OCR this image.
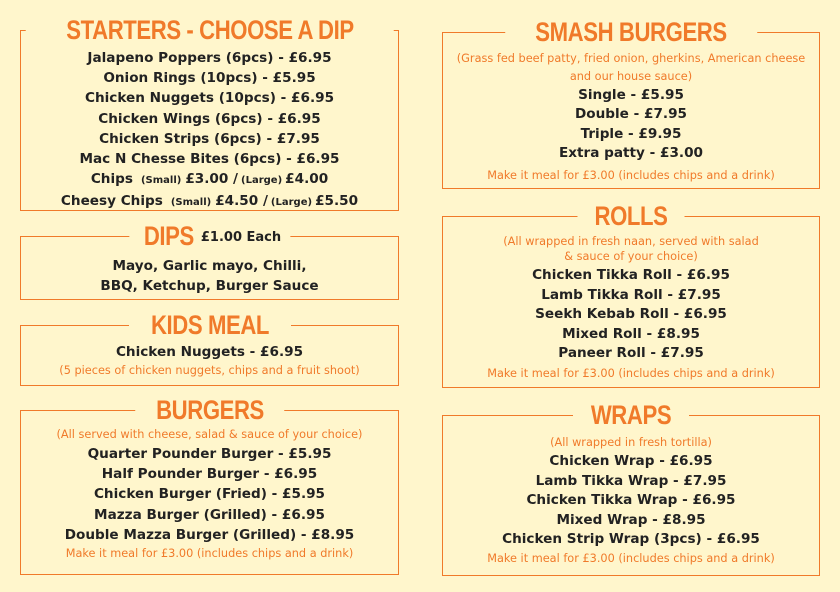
STARTERS - CHOOSE A DIP
Jalapeno Poppers (6pcs) - £6.95
Onion Rings (10pcs) - £5.95
Chicken Nuggets (10pcs) - £6.95
Chicken Wings (6pcs) - £6.95
Chicken Strips (6pcs) - £7.95
Mac N Chesse Bites (6pcs) - £6.95
Chips (Small) £3.00 / (Large) £4.00
Cheesy Chips (Small) £4.50 / (Large) £5.50
DIPS £1.00 Each
Mayo, Garlic mayo, Chilli,
BBQ, Ketchup, Burger Sauce
KIDS MEAL
Chicken Nuggets - £6.95
(5 pieces of chicken nuggets, chips and a fruit shoot)
BURGERS
(All served with cheese, salad & sauce of your choice)
Quarter Pounder Burger - £5.95
Half Pounder Burger - £6.95
Chicken Burger (Fried) - £5.95
Mazza Burger (Grilled) - £6.95
Double Mazza Burger (Grilled) - £8.95
Make it meal for £3.00 (includes chips and a drink)
SMASH BURGERS
(Grass fed beef patty, fried onion, gherkins, American cheese
and our house sauce)
Single - £5.95
Double - £7.95
Triple - £9.95
Extra patty - £3.00
Make it meal for £3.00 (includes chips and a drink)
ROLLS
(All wrapped in fresh naan, served with salad
& sauce of your choice)
Chicken Tikka Roll - £6.95
Lamb Tikka Roll - £7.95
Seekh Kebab Roll - £6.95
Mixed Roll - £8.95
Paneer Roll - £7.95
Make it meal for £3.00 (includes chips and a drink)
WRAPS
(All wrapped in fresh tortilla)
Chicken Wrap - £6.95
Lamb Tikka Wrap - £7.95
Chicken Tikka Wrap - £6.95
Mixed Wrap - £8.95
Chicken Strip Wrap (3pcs) - £6.95
Make it meal for £3.00 (includes chips and a drink)
